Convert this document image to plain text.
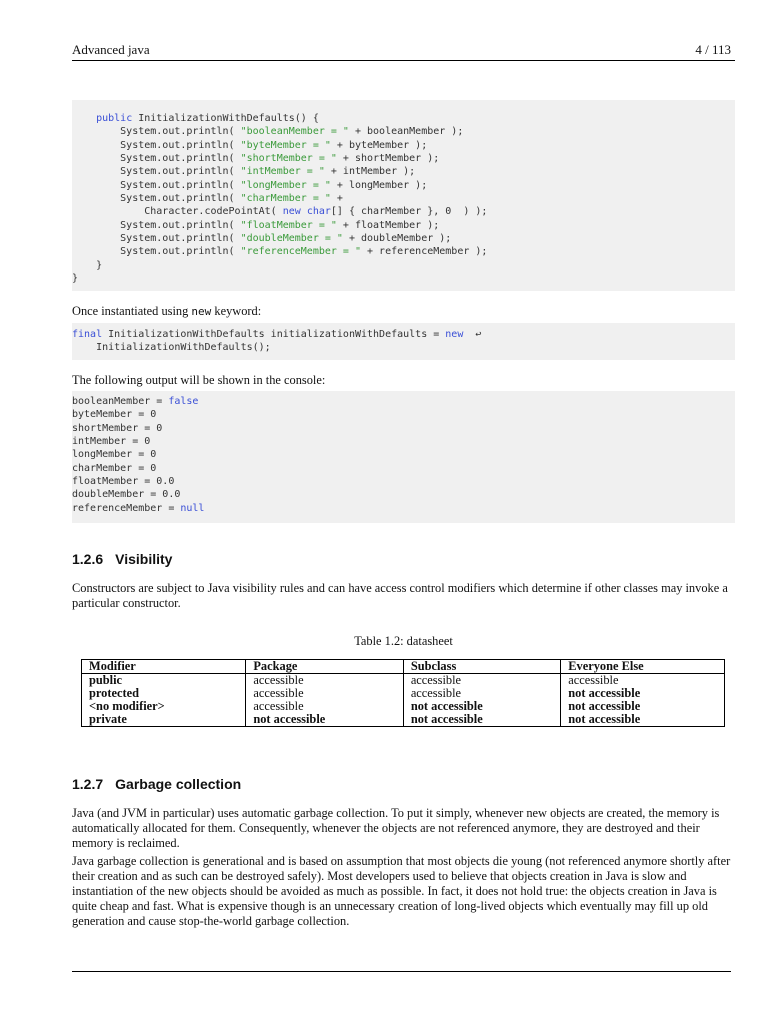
Advanced java	4 / 113
public InitializationWithDefaults() {
System.out.println( "booleanMember = " + booleanMember );
System.out.println( "byteMember = " + byteMember );
System.out.println( "shortMember = " + shortMember );
System.out.println( "intMember = " + intMember );
System.out.println( "longMember = " + longMember );
System.out.println( "charMember = " +
Character.codePointAt( new char[] { charMember }, 0  ) );
System.out.println( "floatMember = " + floatMember );
System.out.println( "doubleMember = " + doubleMember );
System.out.println( "referenceMember = " + referenceMember );
}
}

Once instantiated using new keyword:

final InitializationWithDefaults initializationWithDefaults = new  ↩
InitializationWithDefaults();

The following output will be shown in the console:

booleanMember = false
byteMember = 0
shortMember = 0
intMember = 0
longMember = 0
charMember = 0
floatMember = 0.0
doubleMember = 0.0
referenceMember = null
1.2.6 Visibility

Constructors are subject to Java visibility rules and can have access control modifiers which determine if other classes may invoke a particular constructor.

Table 1.2: datasheet

Modifier	Package	Subclass	Everyone Else
public	accessible	accessible	accessible
protected	accessible	accessible	not accessible
<no modifier>	accessible	not accessible	not accessible
private	not accessible	not accessible	not accessible
1.2.7 Garbage collection

Java (and JVM in particular) uses automatic garbage collection. To put it simply, whenever new objects are created, the memory is automatically allocated for them. Consequently, whenever the objects are not referenced anymore, they are destroyed and their memory is reclaimed.

Java garbage collection is generational and is based on assumption that most objects die young (not referenced anymore shortly after their creation and as such can be destroyed safely). Most developers used to believe that objects creation in Java is slow and instantiation of the new objects should be avoided as much as possible. In fact, it does not hold true: the objects creation in Java is quite cheap and fast. What is expensive though is an unnecessary creation of long-lived objects which eventually may fill up old generation and cause stop-the-world garbage collection.
